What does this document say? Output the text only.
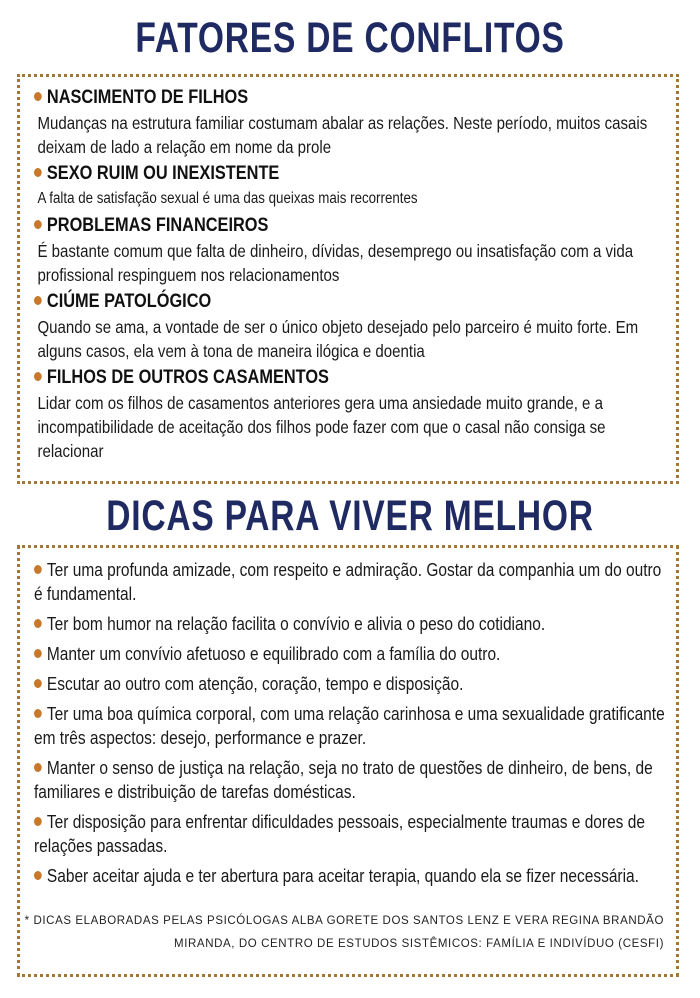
FATORES DE CONFLITOS
NASCIMENTO DE FILHOS
Mudanças na estrutura familiar costumam abalar as relações. Neste período, muitos casais deixam de lado a relação em nome da prole
SEXO RUIM OU INEXISTENTE
A falta de satisfação sexual é uma das queixas mais recorrentes
PROBLEMAS FINANCEIROS
É bastante comum que falta de dinheiro, dívidas, desemprego ou insatisfação com a vida profissional respinguem nos relacionamentos
CIÚME PATOLÓGICO
Quando se ama, a vontade de ser o único objeto desejado pelo parceiro é muito forte. Em alguns casos, ela vem à tona de maneira ilógica e doentia
FILHOS DE OUTROS CASAMENTOS
Lidar com os filhos de casamentos anteriores gera uma ansiedade muito grande, e a incompatibilidade de aceitação dos filhos pode fazer com que o casal não consiga se relacionar
DICAS PARA VIVER MELHOR
Ter uma profunda amizade, com respeito e admiração. Gostar da companhia um do outro é fundamental.
Ter bom humor na relação facilita o convívio e alivia o peso do cotidiano.
Manter um convívio afetuoso e equilibrado com a família do outro.
Escutar ao outro com atenção, coração, tempo e disposição.
Ter uma boa química corporal, com uma relação carinhosa e uma sexualidade gratificante em três aspectos: desejo, performance e prazer.
Manter o senso de justiça na relação, seja no trato de questões de dinheiro, de bens, de familiares e distribuição de tarefas domésticas.
Ter disposição para enfrentar dificuldades pessoais, especialmente traumas e dores de relações passadas.
Saber aceitar ajuda e ter abertura para aceitar terapia, quando ela se fizer necessária.
* DICAS ELABORADAS PELAS PSICÓLOGAS ALBA GORETE DOS SANTOS LENZ E VERA REGINA BRANDÃO
MIRANDA, DO CENTRO DE ESTUDOS SISTÊMICOS: FAMÍLIA E INDIVÍDUO (CESFI)
